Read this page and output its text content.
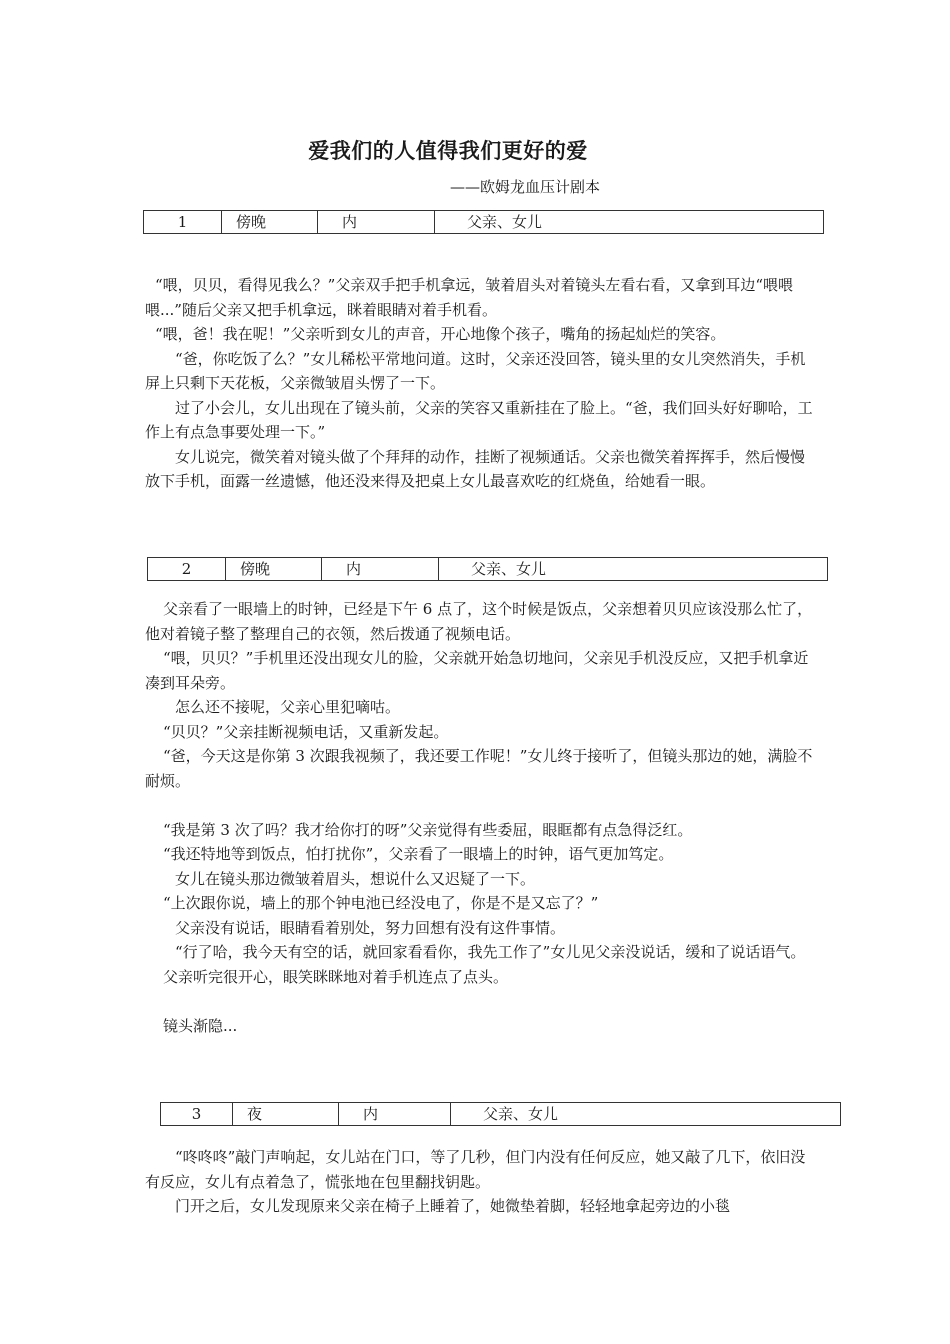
爱我们的人值得我们更好的爱
——欧姆龙血压计剧本
1	傍晚	内	父亲、女儿

“喂，贝贝，看得见我么？”父亲双手把手机拿远，皱着眉头对着镜头左看右看，又拿到耳边“喂喂喂...”随后父亲又把手机拿远，眯着眼睛对着手机看。

“喂，爸！我在呢！”父亲听到女儿的声音，开心地像个孩子，嘴角的扬起灿烂的笑容。

“爸，你吃饭了么？”女儿稀松平常地问道。这时，父亲还没回答，镜头里的女儿突然消失，手机屏上只剩下天花板，父亲微皱眉头愣了一下。

过了小会儿，女儿出现在了镜头前，父亲的笑容又重新挂在了脸上。“爸，我们回头好好聊哈，工作上有点急事要处理一下。”

女儿说完，微笑着对镜头做了个拜拜的动作，挂断了视频通话。父亲也微笑着挥挥手，然后慢慢放下手机，面露一丝遗憾，他还没来得及把桌上女儿最喜欢吃的红烧鱼，给她看一眼。

2	傍晚	内	父亲、女儿

父亲看了一眼墙上的时钟，已经是下午 6 点了，这个时候是饭点，父亲想着贝贝应该没那么忙了，他对着镜子整了整理自己的衣领，然后拨通了视频电话。

“喂，贝贝？”手机里还没出现女儿的脸，父亲就开始急切地问，父亲见手机没反应，又把手机拿近凑到耳朵旁。

怎么还不接呢，父亲心里犯嘀咕。

“贝贝？”父亲挂断视频电话，又重新发起。

“爸，今天这是你第 3 次跟我视频了，我还要工作呢！”女儿终于接听了，但镜头那边的她，满脸不耐烦。

“我是第 3 次了吗？我才给你打的呀”父亲觉得有些委屈，眼眶都有点急得泛红。

“我还特地等到饭点，怕打扰你”，父亲看了一眼墙上的时钟，语气更加笃定。

女儿在镜头那边微皱着眉头，想说什么又迟疑了一下。

“上次跟你说，墙上的那个钟电池已经没电了，你是不是又忘了？”

父亲没有说话，眼睛看着别处，努力回想有没有这件事情。

“行了哈，我今天有空的话，就回家看看你，我先工作了”女儿见父亲没说话，缓和了说话语气。

父亲听完很开心，眼笑眯眯地对着手机连点了点头。

镜头渐隐...

3	夜	内	父亲、女儿

“咚咚咚”敲门声响起，女儿站在门口，等了几秒，但门内没有任何反应，她又敲了几下，依旧没有反应，女儿有点着急了，慌张地在包里翻找钥匙。

门开之后，女儿发现原来父亲在椅子上睡着了，她微垫着脚，轻轻地拿起旁边的小毯
